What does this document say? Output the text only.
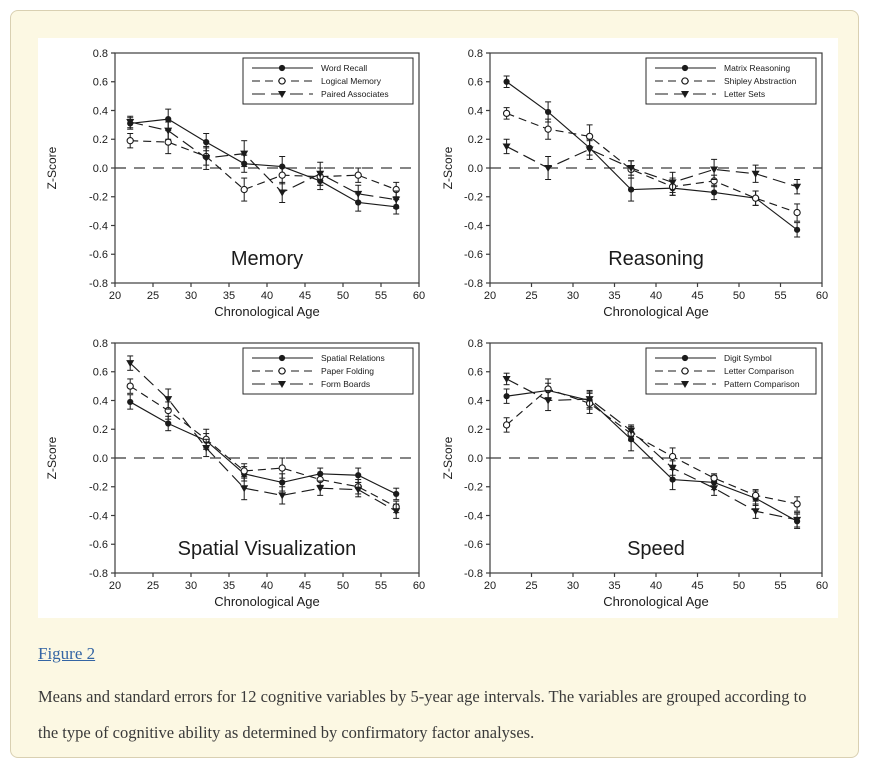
0.8
0.6
0.4
0.2
0.0
-0.2
-0.4
-0.6
-0.8
20 25 30 35 40 45 50 55 60
Z-Score
Chronological Age
Memory
Word Recall
Logical Memory
Paired Associates
0.8
0.6
0.4
0.2
0.0
-0.2
-0.4
-0.6
-0.8
20	25	30	35	40	45	50	55	60
Z-Score
Chronological Age
Reasoning
Matrix Reasoning
Shipley Abstraction
Letter Sets
0.8
0.6
0.4
0.2
0.0
-0.2
-0.4
-0.6
-0.8
20 25 30 35 40 45 50 55 60
Z-Score
Chronological Age
Spatial Visualization
Spatial Relations
Paper Folding
Form Boards
0.8
0.6
0.4
0.2
0.0
-0.2
-0.4
-0.6
-0.8
20	25	30	35	40	45	50	55	60
Z-Score
Chronological Age
Speed
Digit Symbol
Letter Comparison
Pattern Comparison
Figure 2

Means and standard errors for 12 cognitive variables by 5-year age intervals. The variables are grouped according to the type of cognitive ability as determined by confirmatory factor analyses.
